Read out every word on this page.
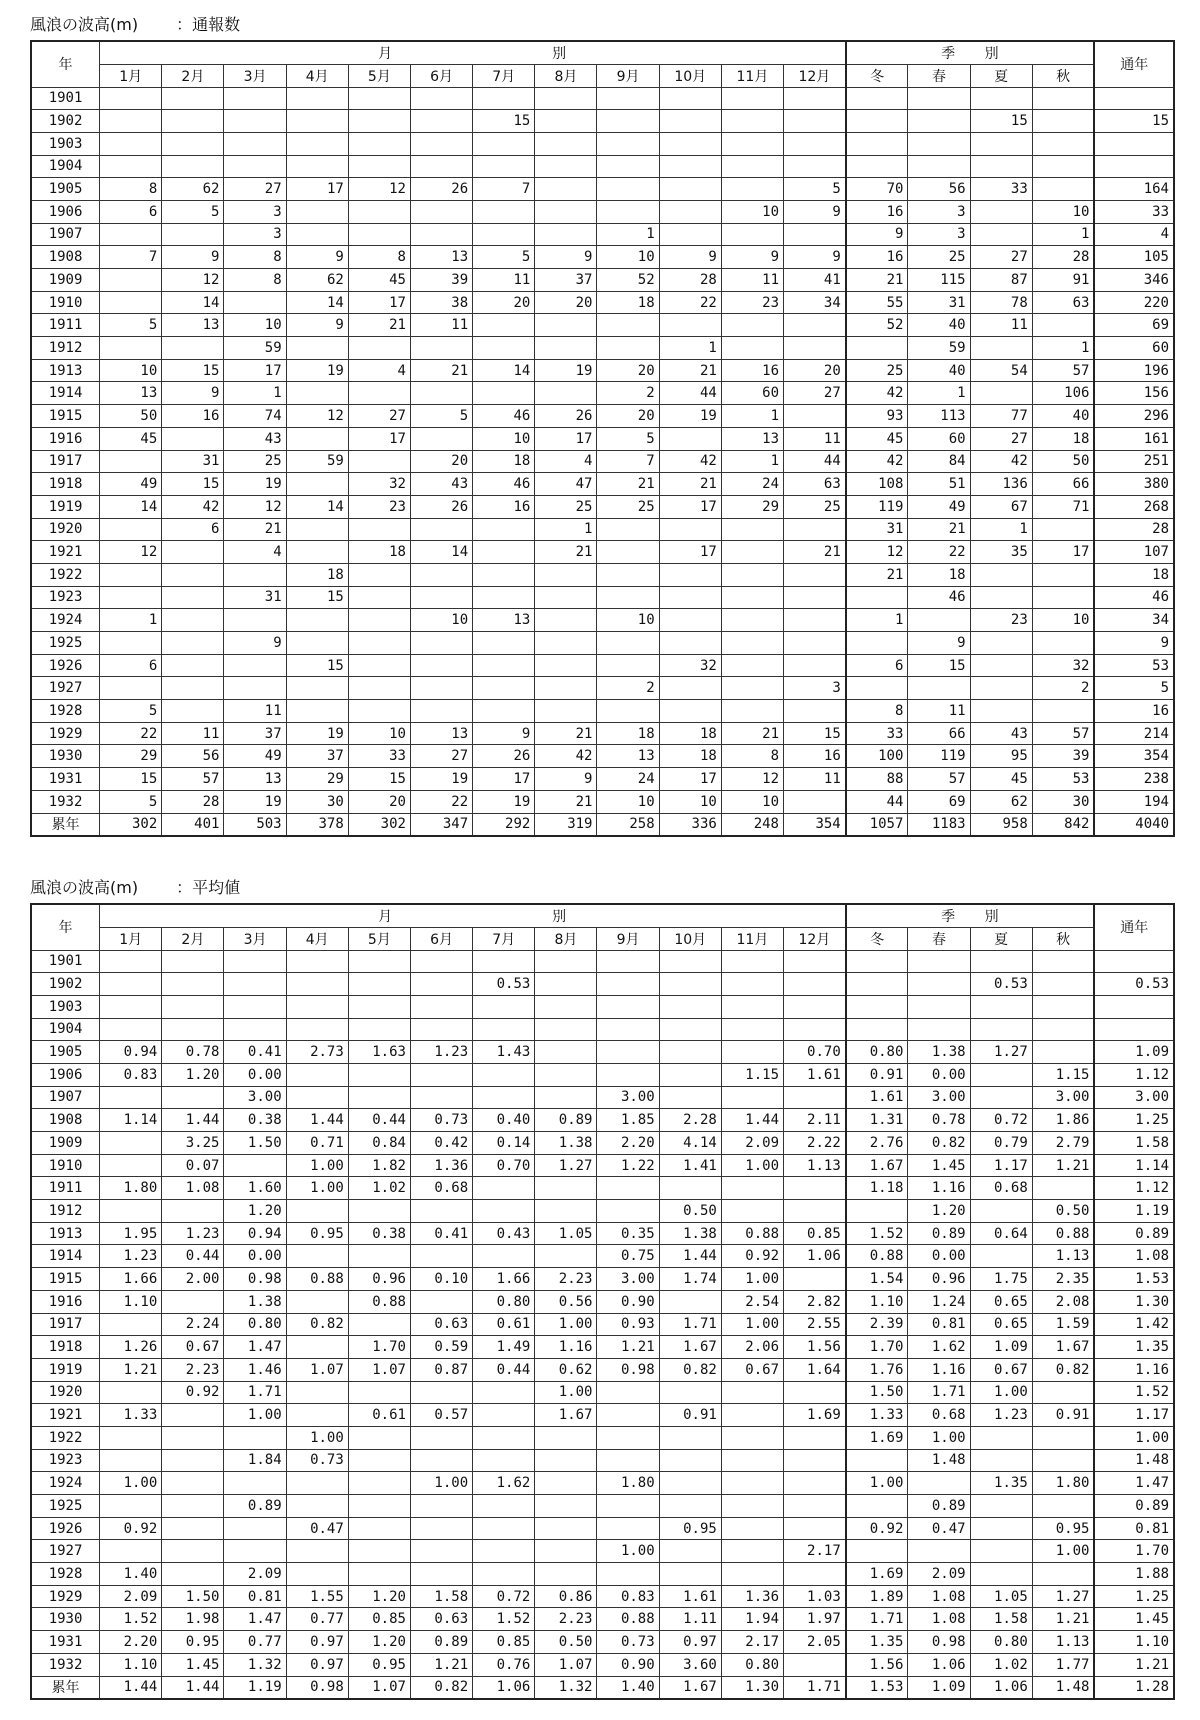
風浪の波高(m) ：通報数
年	月　　　　　　　　　　　別												季　　別				通年
	1月	2月	3月	4月	5月	6月	7月	8月	9月	10月	11月	12月	冬	春	夏	秋	
1901																	
1902							15								15		15
1903																	
1904																	
1905	8	62	27	17	12	26	7					5	70	56	33		164
1906	6	5	3								10	9	16	3		10	33
1907			3						1				9	3		1	4
1908	7	9	8	9	8	13	5	9	10	9	9	9	16	25	27	28	105
1909		12	8	62	45	39	11	37	52	28	11	41	21	115	87	91	346
1910		14		14	17	38	20	20	18	22	23	34	55	31	78	63	220
1911	5	13	10	9	21	11							52	40	11		69
1912			59							1				59		1	60
1913	10	15	17	19	4	21	14	19	20	21	16	20	25	40	54	57	196
1914	13	9	1						2	44	60	27	42	1		106	156
1915	50	16	74	12	27	5	46	26	20	19	1		93	113	77	40	296
1916	45		43		17		10	17	5		13	11	45	60	27	18	161
1917		31	25	59		20	18	4	7	42	1	44	42	84	42	50	251
1918	49	15	19		32	43	46	47	21	21	24	63	108	51	136	66	380
1919	14	42	12	14	23	26	16	25	25	17	29	25	119	49	67	71	268
1920		6	21					1					31	21	1		28
1921	12		4		18	14		21		17		21	12	22	35	17	107
1922				18									21	18			18
1923			31	15										46			46
1924	1					10	13		10				1		23	10	34
1925			9											9			9
1926	6			15						32			6	15		32	53
1927									2			3				2	5
1928	5		11										8	11			16
1929	22	11	37	19	10	13	9	21	18	18	21	15	33	66	43	57	214
1930	29	56	49	37	33	27	26	42	13	18	8	16	100	119	95	39	354
1931	15	57	13	29	15	19	17	9	24	17	12	11	88	57	45	53	238
1932	5	28	19	30	20	22	19	21	10	10	10		44	69	62	30	194
累年	302	401	503	378	302	347	292	319	258	336	248	354	1057	1183	958	842	4040
風浪の波高(m) ：平均値
年	月　　　　　　　　　　　別												季　　別				通年
	1月	2月	3月	4月	5月	6月	7月	8月	9月	10月	11月	12月	冬	春	夏	秋	
1901																	
1902							0.53								0.53		0.53
1903																	
1904																	
1905	0.94	0.78	0.41	2.73	1.63	1.23	1.43					0.70	0.80	1.38	1.27		1.09
1906	0.83	1.20	0.00								1.15	1.61	0.91	0.00		1.15	1.12
1907			3.00						3.00				1.61	3.00		3.00	3.00
1908	1.14	1.44	0.38	1.44	0.44	0.73	0.40	0.89	1.85	2.28	1.44	2.11	1.31	0.78	0.72	1.86	1.25
1909		3.25	1.50	0.71	0.84	0.42	0.14	1.38	2.20	4.14	2.09	2.22	2.76	0.82	0.79	2.79	1.58
1910		0.07		1.00	1.82	1.36	0.70	1.27	1.22	1.41	1.00	1.13	1.67	1.45	1.17	1.21	1.14
1911	1.80	1.08	1.60	1.00	1.02	0.68							1.18	1.16	0.68		1.12
1912			1.20							0.50				1.20		0.50	1.19
1913	1.95	1.23	0.94	0.95	0.38	0.41	0.43	1.05	0.35	1.38	0.88	0.85	1.52	0.89	0.64	0.88	0.89
1914	1.23	0.44	0.00						0.75	1.44	0.92	1.06	0.88	0.00		1.13	1.08
1915	1.66	2.00	0.98	0.88	0.96	0.10	1.66	2.23	3.00	1.74	1.00		1.54	0.96	1.75	2.35	1.53
1916	1.10		1.38		0.88		0.80	0.56	0.90		2.54	2.82	1.10	1.24	0.65	2.08	1.30
1917		2.24	0.80	0.82		0.63	0.61	1.00	0.93	1.71	1.00	2.55	2.39	0.81	0.65	1.59	1.42
1918	1.26	0.67	1.47		1.70	0.59	1.49	1.16	1.21	1.67	2.06	1.56	1.70	1.62	1.09	1.67	1.35
1919	1.21	2.23	1.46	1.07	1.07	0.87	0.44	0.62	0.98	0.82	0.67	1.64	1.76	1.16	0.67	0.82	1.16
1920		0.92	1.71					1.00					1.50	1.71	1.00		1.52
1921	1.33		1.00		0.61	0.57		1.67		0.91		1.69	1.33	0.68	1.23	0.91	1.17
1922				1.00									1.69	1.00			1.00
1923			1.84	0.73										1.48			1.48
1924	1.00					1.00	1.62		1.80				1.00		1.35	1.80	1.47
1925			0.89											0.89			0.89
1926	0.92			0.47						0.95			0.92	0.47		0.95	0.81
1927									1.00			2.17				1.00	1.70
1928	1.40		2.09										1.69	2.09			1.88
1929	2.09	1.50	0.81	1.55	1.20	1.58	0.72	0.86	0.83	1.61	1.36	1.03	1.89	1.08	1.05	1.27	1.25
1930	1.52	1.98	1.47	0.77	0.85	0.63	1.52	2.23	0.88	1.11	1.94	1.97	1.71	1.08	1.58	1.21	1.45
1931	2.20	0.95	0.77	0.97	1.20	0.89	0.85	0.50	0.73	0.97	2.17	2.05	1.35	0.98	0.80	1.13	1.10
1932	1.10	1.45	1.32	0.97	0.95	1.21	0.76	1.07	0.90	3.60	0.80		1.56	1.06	1.02	1.77	1.21
累年	1.44	1.44	1.19	0.98	1.07	0.82	1.06	1.32	1.40	1.67	1.30	1.71	1.53	1.09	1.06	1.48	1.28
